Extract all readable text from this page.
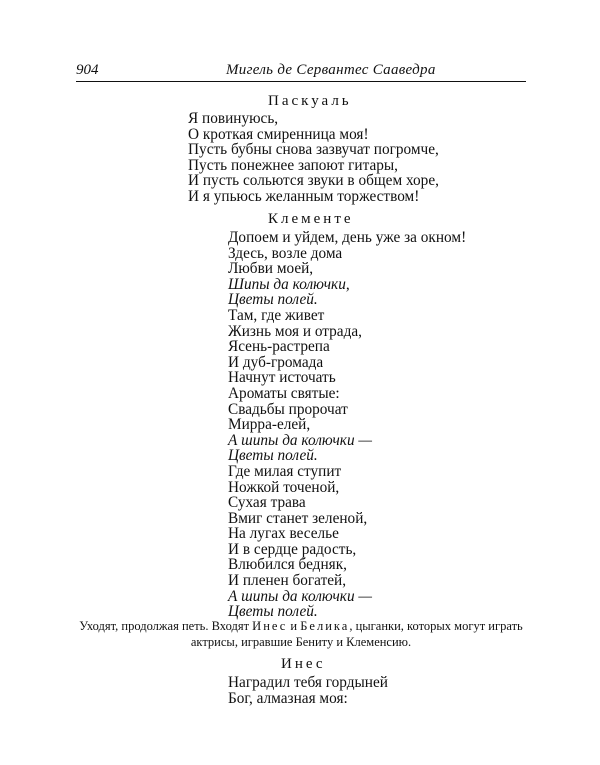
904	Мигель де Сервантес Сааведра
Паскуаль
Я повинуюсь,
О кроткая смиренница моя!
Пусть бубны снова зазвучат погромче,
Пусть понежнее запоют гитары,
И пусть сольются звуки в общем хоре,
И я упьюсь желанным торжеством!
Клементе
Допоем и уйдем, день уже за окном!
Здесь, возле дома
Любви моей,
Шипы да колючки,
Цветы полей.
Там, где живет
Жизнь моя и отрада,
Ясень-растрепа
И дуб-громада
Начнут источать
Ароматы святые:
Свадьбы пророчат
Мирра-елей,
А шипы да колючки —
Цветы полей.
Где милая ступит
Ножкой точеной,
Сухая трава
Вмиг станет зеленой,
На лугах веселье
И в сердце радость,
Влюбился бедняк,
И пленен богатей,
А шипы да колючки —
Цветы полей.
Уходят, продолжая петь. Входят Инес и Белика, цыганки, которых могут играть актрисы, игравшие Бениту и Клеменсию.
Инес
Наградил тебя гордыней
Бог, алмазная моя:
